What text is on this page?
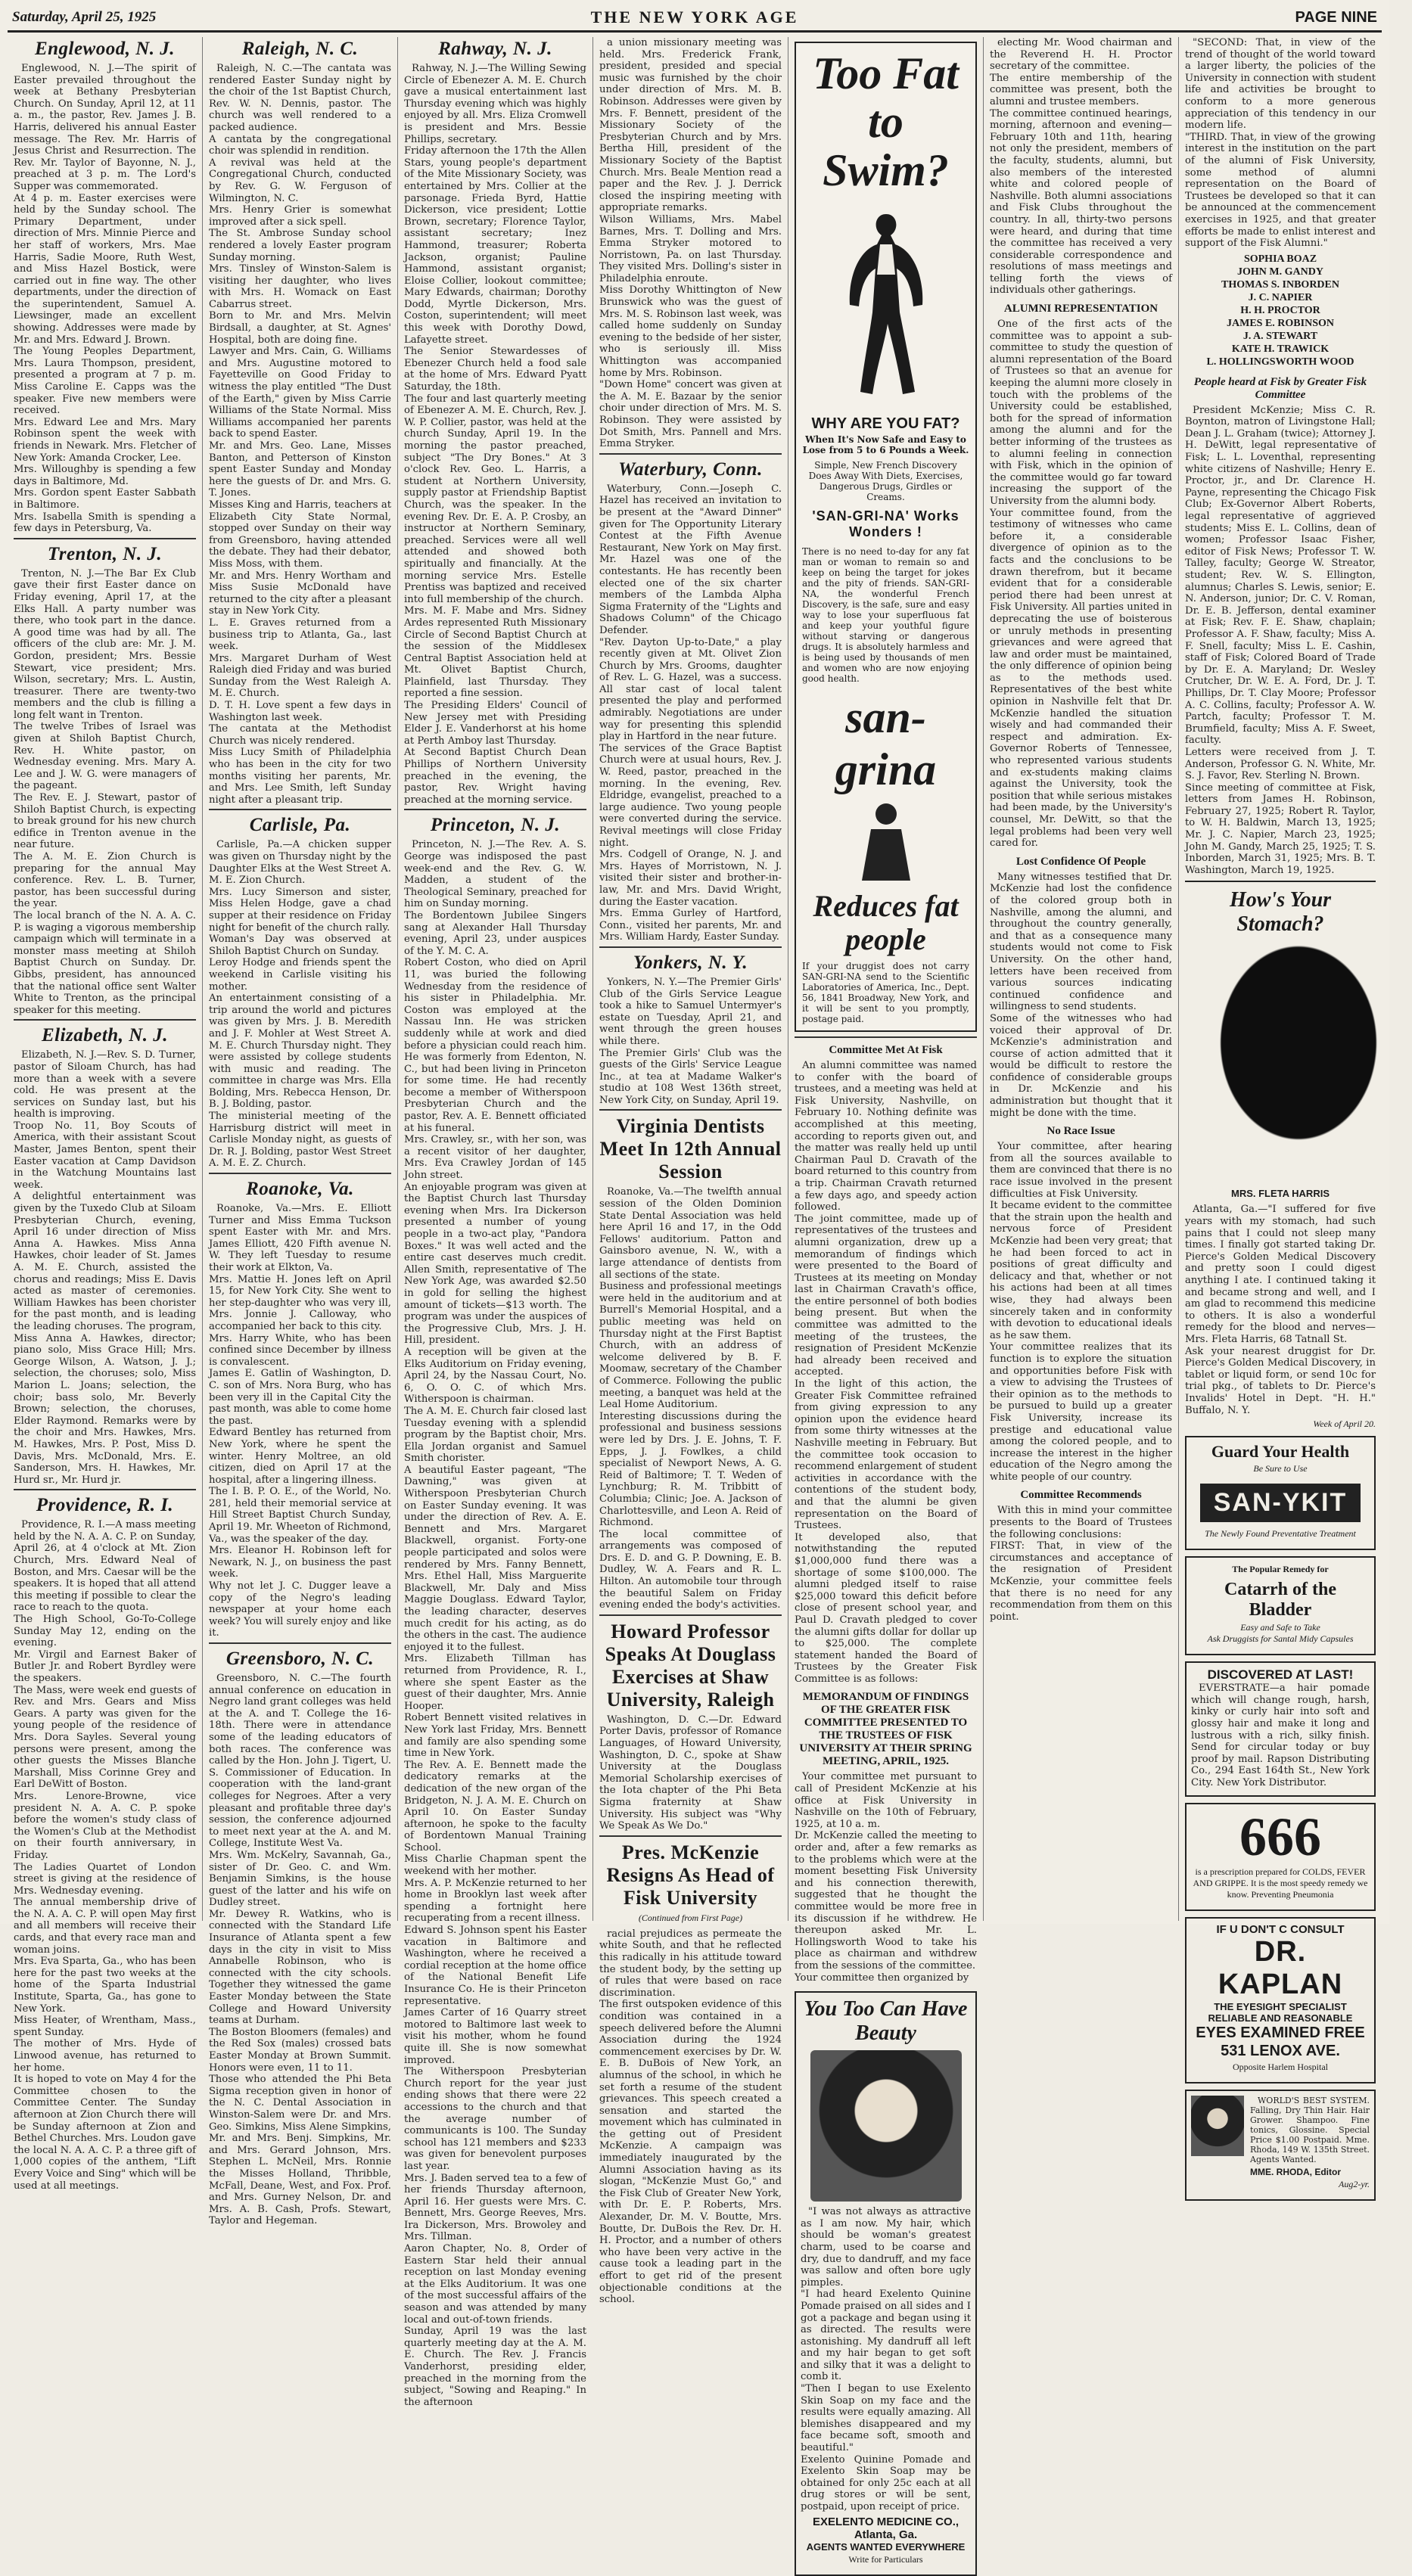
Saturday, April 25, 1925	THE NEW YORK AGE	PAGE NINE
Englewood, N. J.

Englewood, N. J.—The spirit of Easter prevailed throughout the week at Bethany Presbyterian Church. On Sunday, April 12, at 11 a. m., the pastor, Rev. James J. B. Harris, delivered his annual Easter message. The Rev. Mr. Harris of Jesus Christ and Resurrection. The Rev. Mr. Taylor of Bayonne, N. J., preached at 3 p. m. The Lord's Supper was commemorated.
At 4 p. m. Easter exercises were held by the Sunday school. The Primary Department, under direction of Mrs. Minnie Pierce and her staff of workers, Mrs. Mae Harris, Sadie Moore, Ruth West, and Miss Hazel Bostick, were carried out in fine way. The other departments, under the direction of the superintendent, Samuel A. Liewsinger, made an excellent showing. Addresses were made by Mr. and Mrs. Edward J. Brown.
The Young Peoples Department, Mrs. Laura Thompson, president, presented a program at 7 p. m. Miss Caroline E. Capps was the speaker. Five new members were received.
Mrs. Edward Lee and Mrs. Mary Robinson spent the week with friends in Newark. Mrs. Fletcher of New York: Amanda Crocker, Lee.
Mrs. Willoughby is spending a few days in Baltimore, Md.
Mrs. Gordon spent Easter Sabbath in Baltimore.
Mrs. Isabella Smith is spending a few days in Petersburg, Va.

Trenton, N. J.

Trenton, N. J.—The Bar Ex Club gave their first Easter dance on Friday evening, April 17, at the Elks Hall. A party number was there, who took part in the dance. A good time was had by all. The officers of the club are: Mr. J. M. Gordon, president; Mrs. Bessie Stewart, vice president; Mrs. Wilson, secretary; Mrs. L. Austin, treasurer. There are twenty-two members and the club is filling a long felt want in Trenton.
The twelve Tribes of Israel was given at Shiloh Baptist Church, Rev. H. White pastor, on Wednesday evening. Mrs. Mary A. Lee and J. W. G. were managers of the pageant.
The Rev. E. J. Stewart, pastor of Shiloh Baptist Church, is expecting to break ground for his new church edifice in Trenton avenue in the near future.
The A. M. E. Zion Church is preparing for the annual May conference. Rev. L. B. Turner, pastor, has been successful during the year.
The local branch of the N. A. A. C. P. is waging a vigorous membership campaign which will terminate in a monster mass meeting at Shiloh Baptist Church on Sunday. Dr. Gibbs, president, has announced that the national office sent Walter White to Trenton, as the principal speaker for this meeting.

Elizabeth, N. J.

Elizabeth, N. J.—Rev. S. D. Turner, pastor of Siloam Church, has had more than a week with a severe cold. He was present at the services on Sunday last, but his health is improving.
Troop No. 11, Boy Scouts of America, with their assistant Scout Master, James Benton, spent their Easter vacation at Camp Davidson in the Watchung Mountains last week.
A delightful entertainment was given by the Tuxedo Club at Siloam Presbyterian Church, evening, April 16 under direction of Miss Anna A. Hawkes. Miss Anna Hawkes, choir leader of St. James A. M. E. Church, assisted the chorus and readings; Miss E. Davis acted as master of ceremonies. William Hawkes has been chorister for the past month, and is leading the leading choruses. The program, Miss Anna A. Hawkes, director; piano solo, Miss Grace Hill; Mrs. George Wilson, A. Watson, J. J.; selection, the choruses; solo, Miss Marion L. Joans; selection, the choir; bass solo, Mr. Beverly Brown; selection, the choruses, Elder Raymond. Remarks were by the choir and Mrs. Hawkes, Mrs. M. Hawkes, Mrs. P. Post, Miss D. Davis, Mrs. McDonald, Mrs. E. Sanderson, Mrs. H. Hawkes, Mr. Hurd sr., Mr. Hurd jr.

Providence, R. I.

Providence, R. I.—A mass meeting held by the N. A. A. C. P. on Sunday, April 26, at 4 o'clock at Mt. Zion Church, Mrs. Edward Neal of Boston, and Mrs. Caesar will be the speakers. It is hoped that all attend this meeting if possible to clear the race to reach to the quota.
The High School, Go-To-College Sunday May 12, ending on the evening.
Mr. Virgil and Earnest Baker of Butler Jr. and Robert Byrdley were the speakers.
The Mass, were week end guests of Rev. and Mrs. Gears and Miss Gears. A party was given for the young people of the residence of Mrs. Dora Sayles. Several young persons were present, among the other guests the Misses Blanche Marshall, Miss Corinne Grey and Earl DeWitt of Boston.
Mrs. Lenore-Browne, vice president N. A. A. C. P. spoke before the women's study class of the Women's Club at the Methodist on their fourth anniversary, in Friday.
The Ladies Quartet of London street is giving at the residence of Mrs. Wednesday evening.
The annual membership drive of the N. A. A. C. P. will open May first and all members will receive their cards, and that every race man and woman joins.
Mrs. Eva Sparta, Ga., who has been here for the past two weeks at the home of the Sparta Industrial Institute, Sparta, Ga., has gone to New York.
Miss Heater, of Wrentham, Mass., spent Sunday.
The mother of Mrs. Hyde of Linwood avenue, has returned to her home.
It is hoped to vote on May 4 for the Committee chosen to the Committee Center. The Sunday afternoon at Zion Church there will be Sunday afternoon at Zion and Bethel Churches. Mrs. Loudon gave the local N. A. A. C. P. a three gift of 1,000 copies of the anthem, "Lift Every Voice and Sing" which will be used at all meetings.

Raleigh, N. C.

Raleigh, N. C.—The cantata was rendered Easter Sunday night by the choir of the 1st Baptist Church, Rev. W. N. Dennis, pastor. The church was well rendered to a packed audience.
A cantata by the congregational choir was splendid in rendition.
A revival was held at the Congregational Church, conducted by Rev. G. W. Ferguson of Wilmington, N. C.
Mrs. Henry Grier is somewhat improved after a sick spell.
The St. Ambrose Sunday school rendered a lovely Easter program Sunday morning.
Mrs. Tinsley of Winston-Salem is visiting her daughter, who lives with Mrs. H. Womack on East Cabarrus street.
Born to Mr. and Mrs. Melvin Birdsall, a daughter, at St. Agnes' Hospital, both are doing fine.
Lawyer and Mrs. Cain, G. Williams and Mrs. Augustine motored to Fayetteville on Good Friday to witness the play entitled "The Dust of the Earth," given by Miss Carrie Williams of the State Normal. Miss Williams accompanied her parents back to spend Easter.
Mr. and Mrs. Geo. Lane, Misses Banton, and Petterson of Kinston spent Easter Sunday and Monday here the guests of Dr. and Mrs. G. T. Jones.
Misses King and Harris, teachers at Elizabeth City State Normal, stopped over Sunday on their way from Greensboro, having attended the debate. They had their debator, Miss Moss, with them.
Mr. and Mrs. Henry Wortham and Miss Susie McDonald have returned to the city after a pleasant stay in New York City.
L. E. Graves returned from a business trip to Atlanta, Ga., last week.
Mrs. Margaret Durham of West Raleigh died Friday and was buried Sunday from the West Raleigh A. M. E. Church.
D. T. H. Love spent a few days in Washington last week.
The cantata at the Methodist Church was nicely rendered.
Miss Lucy Smith of Philadelphia who has been in the city for two months visiting her parents, Mr. and Mrs. Lee Smith, left Sunday night after a pleasant trip.

Carlisle, Pa.

Carlisle, Pa.—A chicken supper was given on Thursday night by the Daughter Elks at the West Street A. M. E. Zion Church.
Mrs. Lucy Simerson and sister, Miss Helen Hodge, gave a chad supper at their residence on Friday night for benefit of the church rally.
Woman's Day was observed at Shiloh Baptist Church on Sunday.
Leroy Hodge and friends spent the weekend in Carlisle visiting his mother.
An entertainment consisting of a trip around the world and pictures was given by Mrs. J. B. Meredith and J. F. Mohler at West Street A. M. E. Church Thursday night. They were assisted by college students with music and reading. The committee in charge was Mrs. Ella Bolding, Mrs. Rebecca Henson, Dr. B. J. Bolding, pastor.
The ministerial meeting of the Harrisburg district will meet in Carlisle Monday night, as guests of Dr. R. J. Bolding, pastor West Street A. M. E. Z. Church.

Roanoke, Va.

Roanoke, Va.—Mrs. E. Elliott Turner and Miss Emma Tuckson spent Easter with Mr. and Mrs. James Elliott, 420 Fifth avenue N. W. They left Tuesday to resume their work at Elkton, Va.
Mrs. Mattie H. Jones left on April 15, for New York City. She went to her step-daughter who was very ill, Mrs. Jonnie J. Calloway, who accompanied her back to this city.
Mrs. Harry White, who has been confined since December by illness is convalescent.
James E. Gatlin of Washington, D. C. son of Mrs. Nora Burg, who has been very ill in the Capital City the past month, was able to come home the past.
Edward Bentley has returned from New York, where he spent the winter. Henry Moltree, an old citizen, died on April 17 at the hospital, after a lingering illness.
The I. B. P. O. E., of the World, No. 281, held their memorial service at Hill Street Baptist Church Sunday, April 19. Mr. Wheeton of Richmond, Va., was the speaker of the day.
Mrs. Eleanor H. Robinson left for Newark, N. J., on business the past week.
Why not let J. C. Dugger leave a copy of the Negro's leading newspaper at your home each week? You will surely enjoy and like it.

Greensboro, N. C.

Greensboro, N. C.—The fourth annual conference on education in Negro land grant colleges was held at the A. and T. College the 16-18th. There were in attendance some of the leading educators of both races. The conference was called by the Hon. John J. Tigert, U. S. Commissioner of Education. In cooperation with the land-grant colleges for Negroes. After a very pleasant and profitable three day's session, the conference adjourned to meet next year at the A. and M. College, Institute West Va.
Mrs. Wm. McKelry, Savannah, Ga., sister of Dr. Geo. C. and Wm. Benjamin Simkins, is the house guest of the latter and his wife on Dudley street.
Mr. Dewey R. Watkins, who is connected with the Standard Life Insurance of Atlanta spent a few days in the city in visit to Miss Annabelle Robinson, who is connected with the city schools. Together they witnessed the game Easter Monday between the State College and Howard University teams at Durham.
The Boston Bloomers (females) and the Red Sox (males) crossed bats Easter Monday at Brown Summit. Honors were even, 11 to 11.
Those who attended the Phi Beta Sigma reception given in honor of the N. C. Dental Association in Winston-Salem were Dr. and Mrs. Geo. Simkins, Miss Alene Simpkins, Mr. and Mrs. Benj. Simpkins, Mr. and Mrs. Gerard Johnson, Mrs. Stephen L. McNeil, Mrs. Ronnie the Misses Holland, Thribble, McFall, Deane, West, and Fox. Prof. and Mrs. Gurney Nelson, Dr. and Mrs. A. B. Cash, Profs. Stewart, Taylor and Hegeman.

Rahway, N. J.

Rahway, N. J.—The Willing Sewing Circle of Ebenezer A. M. E. Church gave a musical entertainment last Thursday evening which was highly enjoyed by all. Mrs. Eliza Cromwell is president and Mrs. Bessie Phillips, secretary.
Friday afternoon the 17th the Allen Stars, young people's department of the Mite Missionary Society, was entertained by Mrs. Collier at the parsonage. Frieda Byrd, Hattie Dickerson, vice president; Lottie Brown, secretary; Florence Taylor, assistant secretary; Inez Hammond, treasurer; Roberta Jackson, organist; Pauline Hammond, assistant organist; Eloise Collier, lookout committee; Mary Edwards, chairman; Dorothy Dodd, Myrtle Dickerson, Mrs. Coston, superintendent; will meet this week with Dorothy Dowd, Lafayette street.
The Senior Stewardesses of Ebenezer Church held a food sale at the home of Mrs. Edward Pyatt Saturday, the 18th.
The four and last quarterly meeting of Ebenezer A. M. E. Church, Rev. J. W. P. Collier, pastor, was held at the church Sunday, April 19. In the morning the pastor preached, subject "The Dry Bones." At 3 o'clock Rev. Geo. L. Harris, a student at Northern University, supply pastor at Friendship Baptist Church, was the speaker. In the evening Rev. Dr. E. A. P. Crosby, an instructor at Northern Seminary, preached. Services were all well attended and showed both spiritually and financially. At the morning service Mrs. Estelle Prentiss was baptized and received into full membership of the church.
Mrs. M. F. Mabe and Mrs. Sidney Ardes represented Ruth Missionary Circle of Second Baptist Church at the session of the Middlesex Central Baptist Association held at Mt. Olivet Baptist Church, Plainfield, last Thursday. They reported a fine session.
The Presiding Elders' Council of New Jersey met with Presiding Elder J. E. Vanderhorst at his home at Perth Amboy last Thursday.
At Second Baptist Church Dean Phillips of Northern University preached in the evening, the pastor, Rev. Wright having preached at the morning service.

Princeton, N. J.

Princeton, N. J.—The Rev. A. S. George was indisposed the past week-end and the Rev. G. W. Madden, a student of the Theological Seminary, preached for him on Sunday morning.
The Bordentown Jubilee Singers sang at Alexander Hall Thursday evening, April 23, under auspices of the Y. M. C. A.
Robert Coston, who died on April 11, was buried the following Wednesday from the residence of his sister in Philadelphia. Mr. Coston was employed at the Nassau Inn. He was stricken suddenly while at work and died before a physician could reach him. He was formerly from Edenton, N. C., but had been living in Princeton for some time. He had recently become a member of Witherspoon Presbyterian Church and the pastor, Rev. A. E. Bennett officiated at his funeral.
Mrs. Crawley, sr., with her son, was a recent visitor of her daughter, Mrs. Eva Crawley Jordan of 145 John street.
An enjoyable program was given at the Baptist Church last Thursday evening when Mrs. Ira Dickerson presented a number of young people in a two-act play, "Pandora Boxes." It was well acted and the entire cast deserves much credit. Allen Smith, representative of The New York Age, was awarded $2.50 in gold for selling the highest amount of tickets—$13 worth. The program was under the auspices of the Progressive Club, Mrs. J. H. Hill, president.
A reception will be given at the Elks Auditorium on Friday evening, April 24, by the Nassau Court, No. 6, O. O. C. of which Mrs. Witherspoon is chairman.
The A. M. E. Church fair closed last Tuesday evening with a splendid program by the Baptist choir, Mrs. Ella Jordan organist and Samuel Smith chorister.
A beautiful Easter pageant, "The Dawning," was given at Witherspoon Presbyterian Church on Easter Sunday evening. It was under the direction of Rev. A. E. Bennett and Mrs. Margaret Blackwell, organist. Forty-one people participated and solos were rendered by Mrs. Fanny Bennett, Mrs. Ethel Hall, Miss Marguerite Blackwell, Mr. Daly and Miss Maggie Douglass. Edward Taylor, the leading character, deserves much credit for his acting, as do the others in the cast. The audience enjoyed it to the fullest.
Mrs. Elizabeth Tillman has returned from Providence, R. I., where she spent Easter as the guest of their daughter, Mrs. Annie Hooper.
Robert Bennett visited relatives in New York last Friday, Mrs. Bennett and family are also spending some time in New York.
The Rev. A. E. Bennett made the dedicatory remarks at the dedication of the new organ of the Bridgeton, N. J. A. M. E. Church on April 10. On Easter Sunday afternoon, he spoke to the faculty of Bordentown Manual Training School.
Miss Charlie Chapman spent the weekend with her mother.
Mrs. A. P. McKenzie returned to her home in Brooklyn last week after spending a fortnight here recuperating from a recent illness.
Edward S. Johnson spent his Easter vacation in Baltimore and Washington, where he received a cordial reception at the home office of the National Benefit Life Insurance Co. He is their Princeton representative.
James Carter of 16 Quarry street motored to Baltimore last week to visit his mother, whom he found quite ill. She is now somewhat improved.
The Witherspoon Presbyterian Church report for the year just ending shows that there were 22 accessions to the church and that the average number of communicants is 100. The Sunday school has 121 members and $233 was given for benevolent purposes last year.
Mrs. J. Baden served tea to a few of her friends Thursday afternoon, April 16. Her guests were Mrs. C. Bennett, Mrs. George Reeves, Mrs. Ira Dickerson, Mrs. Browoley and Mrs. Tillman.
Aaron Chapter, No. 8, Order of Eastern Star held their annual reception on last Monday evening at the Elks Auditorium. It was one of the most successful affairs of the season and was attended by many local and out-of-town friends.
Sunday, April 19 was the last quarterly meeting day at the A. M. E. Church. The Rev. J. Francis Vanderhorst, presiding elder, preached in the morning from the subject, "Sowing and Reaping." In the afternoon

a union missionary meeting was held. Mrs. Frederick Frank, president, presided and special music was furnished by the choir under direction of Mrs. M. B. Robinson. Addresses were given by Mrs. F. Bennett, president of the Missionary Society of the Presbyterian Church and by Mrs. Bertha Hill, president of the Missionary Society of the Baptist Church. Mrs. Beale Mention read a paper and the Rev. J. J. Derrick closed the inspiring meeting with appropriate remarks.
Wilson Williams, Mrs. Mabel Barnes, Mrs. T. Dolling and Mrs. Emma Stryker motored to Norristown, Pa. on last Thursday. They visited Mrs. Dolling's sister in Philadelphia enroute.
Miss Dorothy Whittington of New Brunswick who was the guest of Mrs. M. S. Robinson last week, was called home suddenly on Sunday evening to the bedside of her sister, who is seriously ill. Miss Whittington was accompanied home by Mrs. Robinson.
"Down Home" concert was given at the A. M. E. Bazaar by the senior choir under direction of Mrs. M. S. Robinson. They were assisted by Dot Smith, Mrs. Pannell and Mrs. Emma Stryker.

Waterbury, Conn.

Waterbury, Conn.—Joseph C. Hazel has received an invitation to be present at the "Award Dinner" given for The Opportunity Literary Contest at the Fifth Avenue Restaurant, New York on May first. Mr. Hazel was one of the contestants. He has recently been elected one of the six charter members of the Lambda Alpha Sigma Fraternity of the "Lights and Shadows Column" of the Chicago Defender.
"Rev. Dayton Up-to-Date," a play recently given at Mt. Olivet Zion Church by Mrs. Grooms, daughter of Rev. L. G. Hazel, was a success. All star cast of local talent presented the play and performed admirably. Negotiations are under way for presenting this splendid play in Hartford in the near future.
The services of the Grace Baptist Church were at usual hours, Rev. J. W. Reed, pastor, preached in the morning. In the evening, Rev. Eldridge, evangelist, preached to a large audience. Two young people were converted during the service. Revival meetings will close Friday night.
Mrs. Codgell of Orange, N. J. and Mrs. Hayes of Morristown, N. J. visited their sister and brother-in-law, Mr. and Mrs. David Wright, during the Easter vacation.
Mrs. Emma Gurley of Hartford, Conn., visited her parents, Mr. and Mrs. William Hardy, Easter Sunday.

Yonkers, N. Y.

Yonkers, N. Y.—The Premier Girls' Club of the Girls Service League took a hike to Samuel Untermyer's estate on Tuesday, April 21, and went through the green houses while there.
The Premier Girls' Club was the guests of the Girls' Service League Inc., at tea at Madame Walker's studio at 108 West 136th street, New York City, on Sunday, April 19.

Virginia Dentists Meet In 12th Annual Session

Roanoke, Va.—The twelfth annual session of the Olden Dominion State Dental Association was held here April 16 and 17, in the Odd Fellows' auditorium. Patton and Gainsboro avenue, N. W., with a large attendance of dentists from all sections of the state.
Business and professional meetings were held in the auditorium and at Burrell's Memorial Hospital, and a public meeting was held on Thursday night at the First Baptist Church, with an address of welcome delivered by B. F. Moomaw, secretary of the Chamber of Commerce. Following the public meeting, a banquet was held at the Leal Home Auditorium.
Interesting discussions during the professional and business sessions were led by Drs. J. E. Johns, T. F. Epps, J. J. Fowlkes, a child specialist of Newport News, A. G. Reid of Baltimore; T. T. Weden of Lynchburg; R. M. Tribbitt of Columbia; Clinic; Joe. A. Jackson of Charlottesville, and Leon A. Reid of Richmond.
The local committee of arrangements was composed of Drs. E. D. and G. P. Downing, E. B. Dudley, W. A. Fears and R. L. Hilton. An automobile tour through the beautiful Salem on Friday evening ended the body's activities.

Howard Professor Speaks At Douglass Exercises at Shaw University, Raleigh

Washington, D. C.—Dr. Edward Porter Davis, professor of Romance Languages, of Howard University, Washington, D. C., spoke at Shaw University at the Douglass Memorial Scholarship exercises of the Iota chapter of the Phi Beta Sigma fraternity at Shaw University. His subject was "Why We Speak As We Do."

Pres. McKenzie Resigns As Head of Fisk University
(Continued from First Page)

racial prejudices as permeate the white South, and that he reflected this radically in his attitude toward the student body, by the setting up of rules that were based on race discrimination.
The first outspoken evidence of this condition was contained in a speech delivered before the Alumni Association during the 1924 commencement exercises by Dr. W. E. B. DuBois of New York, an alumnus of the school, in which he set forth a resume of the student grievances. This speech created a sensation and started the movement which has culminated in the getting out of President McKenzie. A campaign was immediately inaugurated by the Alumni Association having as its slogan, "McKenzie Must Go," and the Fisk Club of Greater New York, with Dr. E. P. Roberts, Mrs. Alexander, Dr. M. V. Boutte, Mrs. Boutte, Dr. DuBois the Rev. Dr. H. H. Proctor, and a number of others who have been very active in the cause took a leading part in the effort to get rid of the present objectionable conditions at the school.

Too Fat to Swim?
WHY ARE YOU FAT?
When It's Now Safe and Easy to Lose from 5 to 6 Pounds a Week.
Simple, New French Discovery Does Away With Diets, Exercises, Dangerous Drugs, Girdles or Creams.
'SAN-GRI-NA' Works Wonders !
There is no need to-day for any fat man or woman to remain so and keep on being the target for jokes and the pity of friends. SAN-GRI-NA, the wonderful French Discovery, is the safe, sure and easy way to lose your superfluous fat and keep your youthful figure without starving or dangerous drugs. It is absolutely harmless and is being used by thousands of men and women who are now enjoying good health.
san-grina
Reduces fat people
If your druggist does not carry SAN-GRI-NA send to the Scientific Laboratories of America, Inc., Dept. 56, 1841 Broadway, New York, and it will be sent to you promptly, postage paid.
Committee Met At Fisk

An alumni committee was named to confer with the board of trustees, and a meeting was held at Fisk University, Nashville, on February 10. Nothing definite was accomplished at this meeting, according to reports given out, and the matter was really held up until Chairman Paul D. Cravath of the board returned to this country from a trip. Chairman Cravath returned a few days ago, and speedy action followed.
The joint committee, made up of representatives of the trustees and alumni organization, drew up a memorandum of findings which were presented to the Board of Trustees at its meeting on Monday last in Chairman Cravath's office, the entire personnel of both bodies being present. But when the committee was admitted to the meeting of the trustees, the resignation of President McKenzie had already been received and accepted.
In the light of this action, the Greater Fisk Committee refrained from giving expression to any opinion upon the evidence heard from some thirty witnesses at the Nashville meeting in February. But the committee took occasion to recommend enlargement of student activities in accordance with the contentions of the student body, and that the alumni be given representation on the Board of Trustees.
It developed also, that notwithstanding the reputed $1,000,000 fund there was a shortage of some $100,000. The alumni pledged itself to raise $25,000 toward this deficit before close of present school year, and Paul D. Cravath pledged to cover the alumni gifts dollar for dollar up to $25,000. The complete statement handed the Board of Trustees by the Greater Fisk Committee is as follows:

MEMORANDUM OF FINDINGS OF THE GREATER FISK COMMITTEE PRESENTED TO THE TRUSTEES OF FISK UNIVERSITY AT THEIR SPRING MEETING, APRIL, 1925.

Your committee met pursuant to call of President McKenzie at his office at Fisk University in Nashville on the 10th of February, 1925, at 10 a. m.
Dr. McKenzie called the meeting to order and, after a few remarks as to the problems which were at the moment besetting Fisk University and his connection therewith, suggested that he thought the committee would be more free in its discussion if he withdrew. He thereupon asked Mr. L. Hollingsworth Wood to take his place as chairman and withdrew from the sessions of the committee.
Your committee then organized by

You Too Can Have Beauty

"I was not always as attractive as I am now. My hair, which should be woman's greatest charm, used to be coarse and dry, due to dandruff, and my face was sallow and often bore ugly pimples.
"I had heard Exelento Quinine Pomade praised on all sides and I got a package and began using it as directed. The results were astonishing. My dandruff all left and my hair began to get soft and silky that it was a delight to comb it.
"Then I began to use Exelento Skin Soap on my face and the results were equally amazing. All blemishes disappeared and my face became soft, smooth and beautiful."
Exelento Quinine Pomade and Exelento Skin Soap may be obtained for only 25c each at all drug stores or will be sent, postpaid, upon receipt of price.

EXELENTO MEDICINE CO., Atlanta, Ga.
AGENTS WANTED EVERYWHERE
Write for Particulars

electing Mr. Wood chairman and the Reverend H. H. Proctor secretary of the committee.
The entire membership of the committee was present, both the alumni and trustee members.
The committee continued hearings, morning, afternoon and evening—February 10th and 11th, hearing not only the president, members of the faculty, students, alumni, but also members of the interested white and colored people of Nashville. Both alumni associations and Fisk Clubs throughout the country. In all, thirty-two persons were heard, and during that time the committee has received a very considerable correspondence and resolutions of mass meetings and telling forth the views of individuals other gatherings.

ALUMNI REPRESENTATION

One of the first acts of the committee was to appoint a sub-committee to study the question of alumni representation of the Board of Trustees so that an avenue for keeping the alumni more closely in touch with the problems of the University could be established, both for the spread of information among the alumni and for the better informing of the trustees as to alumni feeling in connection with Fisk, which in the opinion of the committee would go far toward increasing the support of the University from the alumni body.
Your committee found, from the testimony of witnesses who came before it, a considerable divergence of opinion as to the facts and the conclusions to be drawn therefrom, but it became evident that for a considerable period there had been unrest at Fisk University. All parties united in deprecating the use of boisterous or unruly methods in presenting grievances and were agreed that law and order must be maintained, the only difference of opinion being as to the methods used. Representatives of the best white opinion in Nashville felt that Dr. McKenzie handled the situation wisely and had commanded their respect and admiration. Ex-Governor Roberts of Tennessee, who represented various students and ex-students making claims against the University, took the position that while serious mistakes had been made, by the University's counsel, Mr. DeWitt, so that the legal problems had been very well cared for.

Lost Confidence Of People

Many witnesses testified that Dr. McKenzie had lost the confidence of the colored group both in Nashville, among the alumni, and throughout the country generally, and that as a consequence many students would not come to Fisk University. On the other hand, letters have been received from various sources indicating continued confidence and willingness to send students.
Some of the witnesses who had voiced their approval of Dr. McKenzie's administration and course of action admitted that it would be difficult to restore the confidence of considerable groups in Dr. McKenzie and his administration but thought that it might be done with the time.

No Race Issue

Your committee, after hearing from all the sources available to them are convinced that there is no race issue involved in the present difficulties at Fisk University.
It became evident to the committee that the strain upon the health and nervous force of President McKenzie had been very great; that he had been forced to act in positions of great difficulty and delicacy and that, whether or not his actions had been at all times wise, they had always been sincerely taken and in conformity with devotion to educational ideals as he saw them.
Your committee realizes that its function is to explore the situation and opportunities before Fisk with a view to advising the Trustees of their opinion as to the methods to be pursued to build up a greater Fisk University, increase its prestige and educational value among the colored people, and to increase the interest in the higher education of the Negro among the white people of our country.

Committee Recommends

With this in mind your committee presents to the Board of Trustees the following conclusions:
FIRST: That, in view of the circumstances and acceptance of the resignation of President McKenzie, your committee feels that there is no need for any recommendation from them on this point.

"SECOND: That, in view of the trend of thought of the world toward a larger liberty, the policies of the University in connection with student life and activities be brought to conform to a more generous appreciation of this tendency in our modern life.
"THIRD. That, in view of the growing interest in the institution on the part of the alumni of Fisk University, some method of alumni representation on the Board of Trustees be developed so that it can be announced at the commencement exercises in 1925, and that greater efforts be made to enlist interest and support of the Fisk Alumni."

SOPHIA BOAZ
JOHN M. GANDY
THOMAS S. INBORDEN
J. C. NAPIER
H. H. PROCTOR
JAMES E. ROBINSON
J. A. STEWART
KATE H. TRAWICK
L. HOLLINGSWORTH WOOD
People heard at Fisk by Greater Fisk Committee

President McKenzie; Miss C. R. Boynton, matron of Livingstone Hall; Dean J. L. Graham (twice); Attorney J. H. DeWitt, legal representative of Fisk; L. L. Loventhal, representing white citizens of Nashville; Henry E. Proctor, jr., and Dr. Clarence H. Payne, representing the Chicago Fisk Club; Ex-Governor Albert Roberts, legal representative of aggrieved students; Miss E. L. Collins, dean of women; Professor Isaac Fisher, editor of Fisk News; Professor T. W. Talley, faculty; George W. Streator, student; Rev. W. S. Ellington, alumnus; Charles S. Lewis, senior; E. N. Anderson, junior; Dr. C. V. Roman, Dr. E. B. Jefferson, dental examiner at Fisk; Rev. F. E. Shaw, chaplain; Professor A. F. Shaw, faculty; Miss A. F. Snell, faculty; Miss L. E. Cashin, staff of Fisk; Colored Board of Trade by Dr. E. A. Maryland; Dr. Wesley Crutcher, Dr. W. E. A. Ford, Dr. J. T. Phillips, Dr. T. Clay Moore; Professor A. C. Collins, faculty; Professor A. W. Partch, faculty; Professor T. M. Brumfield, faculty; Miss A. F. Sweet, faculty.
Letters were received from J. T. Anderson, Professor G. N. White, Mr. S. J. Favor, Rev. Sterling N. Brown.
Since meeting of committee at Fisk, letters from James H. Robinson, February 27, 1925; Robert R. Taylor, to W. H. Baldwin, March 13, 1925; Mr. J. C. Napier, March 23, 1925; John M. Gandy, March 25, 1925; T. S. Inborden, March 31, 1925; Mrs. B. T. Washington, March 19, 1925.

How's Your Stomach?
MRS. FLETA HARRIS

Atlanta, Ga.—"I suffered for five years with my stomach, had such pains that I could not sleep many times. I finally got started taking Dr. Pierce's Golden Medical Discovery and pretty soon I could digest anything I ate. I continued taking it and became strong and well, and I am glad to recommend this medicine to others. It is also a wonderful remedy for the blood and nerves—Mrs. Fleta Harris, 68 Tatnall St.
Ask your nearest druggist for Dr. Pierce's Golden Medical Discovery, in tablet or liquid form, or send 10c for trial pkg., of tablets to Dr. Pierce's Invalids' Hotel in Dept. "H. H." Buffalo, N. Y.

Week of April 20.
Guard Your Health
Be Sure to Use
SAN-YKIT
The Newly Found Preventative Treatment
The Popular Remedy for
Catarrh of the Bladder
Easy and Safe to Take
Ask Druggists for Santal Midy Capsules
DISCOVERED AT LAST!

EVERSTRATE—a hair pomade which will change rough, harsh, kinky or curly hair into soft and glossy hair and make it long and lustrous with a rich, silky finish. Send for circular today or buy proof by mail. Rapson Distributing Co., 294 East 164th St., New York City. New York Distributor.

666
is a prescription prepared for COLDS, FEVER AND GRIPPE. It is the most speedy remedy we know. Preventing Pneumonia
IF U DON'T C CONSULT
DR. KAPLAN
THE EYESIGHT SPECIALIST
RELIABLE AND REASONABLE
EYES EXAMINED FREE
531 LENOX AVE.
Opposite Harlem Hospital

WORLD'S BEST SYSTEM. Falling, Dry Thin Hair. Hair Grower. Shampoo. Fine tonics, Glossine. Special Price $1.00 Postpaid. Mme. Rhoda, 149 W. 135th Street. Agents Wanted.

MME. RHODA, Editor
Aug2-yr.
